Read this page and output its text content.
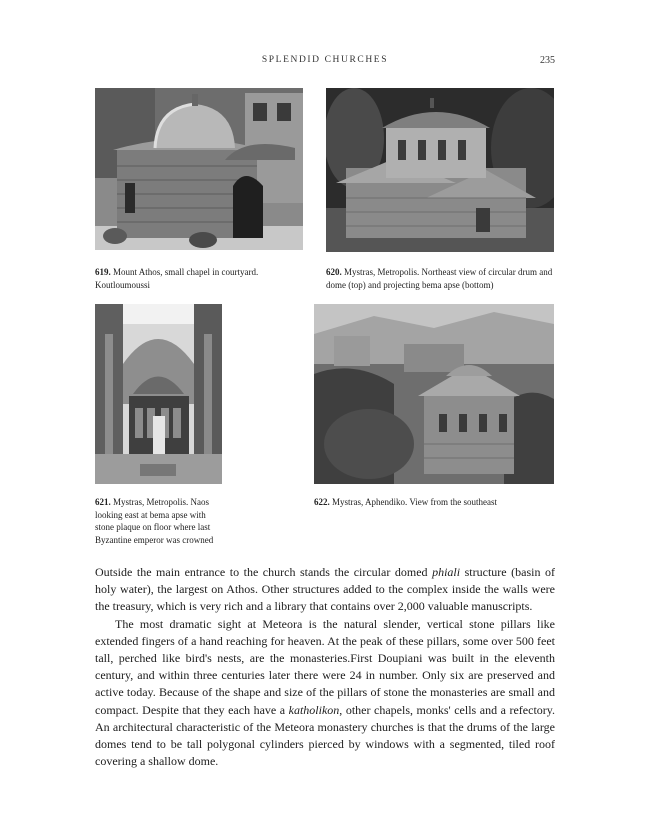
SPLENDID CHURCHES	235
619. Mount Athos, small chapel in courtyard.
Koutloumoussi
620. Mystras, Metropolis. Northeast view of circular drum and
dome (top) and projecting bema apse (bottom)
621. Mystras, Metropolis. Naos
looking east at bema apse with
stone plaque on floor where last
Byzantine emperor was crowned
622. Mystras, Aphendiko. View from the southeast

Outside the main entrance to the church stands the circular domed phiali structure (basin of holy water), the largest on Athos. Other structures added to the complex inside the walls were the treasury, which is very rich and a library that contains over 2,000 valuable manuscripts.

The most dramatic sight at Meteora is the natural slender, vertical stone pillars like extended fingers of a hand reaching for heaven. At the peak of these pillars, some over 500 feet tall, perched like bird's nests, are the monasteries.First Doupiani was built in the eleventh century, and within three centuries later there were 24 in number. Only six are preserved and active today. Because of the shape and size of the pillars of stone the monasteries are small and compact. Despite that they each have a katholikon, other chapels, monks' cells and a refectory. An architectural characteristic of the Meteora monastery churches is that the drums of the large domes tend to be tall polygonal cylinders pierced by windows with a segmented, tiled roof covering a shallow dome.
